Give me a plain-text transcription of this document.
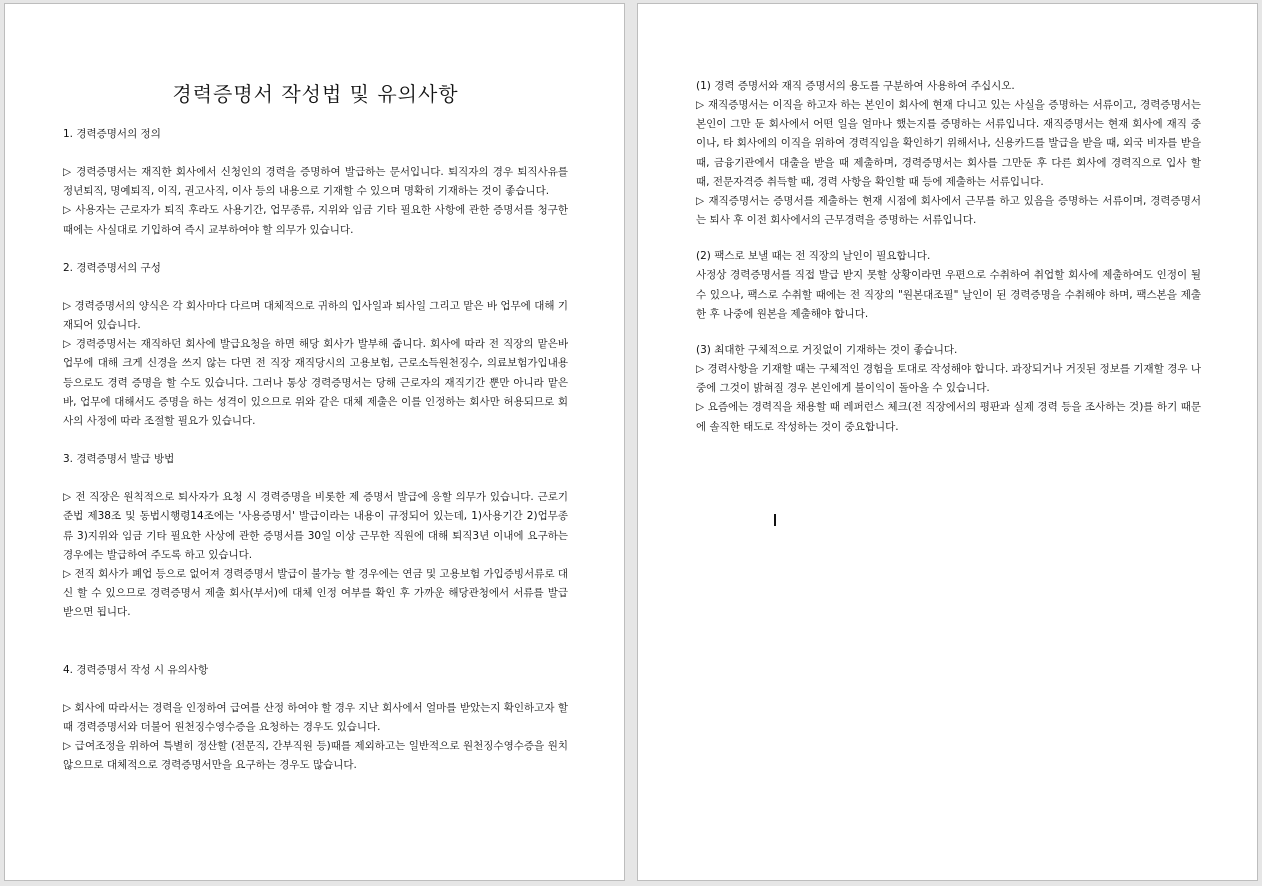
경력증명서 작성법 및 유의사항

1. 경력증명서의 정의

▷ 경력증명서는 재직한 회사에서 신청인의 경력을 증명하여 발급하는 문서입니다. 퇴직자의 경우 퇴직사유를 정년퇴직, 명예퇴직, 이직, 권고사직, 이사 등의 내용으로 기재할 수 있으며 명확히 기재하는 것이 좋습니다.

▷ 사용자는 근로자가 퇴직 후라도 사용기간, 업무종류, 지위와 임금 기타 필요한 사항에 관한 증명서를 청구한 때에는 사실대로 기입하여 즉시 교부하여야 할 의무가 있습니다.

2. 경력증명서의 구성

▷ 경력증명서의 양식은 각 회사마다 다르며 대체적으로 귀하의 입사일과 퇴사일 그리고 맡은 바 업무에 대해 기재되어 있습니다.

▷ 경력증명서는 재직하던 회사에 발급요청을 하면 해당 회사가 발부해 줍니다. 회사에 따라 전 직장의 맡은바 업무에 대해 크게 신경을 쓰지 않는 다면 전 직장 재직당시의 고용보험, 근로소득원천징수, 의료보험가입내용 등으로도 경력 증명을 할 수도 있습니다. 그러나 통상 경력증명서는 당해 근로자의 재직기간 뿐만 아니라 맡은 바, 업무에 대해서도 증명을 하는 성격이 있으므로 위와 같은 대체 제출은 이를 인정하는 회사만 허용되므로 회사의 사정에 따라 조절할 필요가 있습니다.

3. 경력증명서 발급 방법

▷ 전 직장은 원칙적으로 퇴사자가 요청 시 경력증명을 비롯한 제 증명서 발급에 응할 의무가 있습니다. 근로기준법 제38조 및 동법시행령14조에는 '사용증명서' 발급이라는 내용이 규정되어 있는데, 1)사용기간 2)업무종류 3)지위와 임금 기타 필요한 사상에 관한 증명서를 30일 이상 근무한 직원에 대해 퇴직3년 이내에 요구하는 경우에는 발급하여 주도록 하고 있습니다.

▷ 전직 회사가 폐업 등으로 없어져 경력증명서 발급이 불가능 할 경우에는 연금 및 고용보험 가입증빙서류로 대신 할 수 있으므로 경력증명서 제출 회사(부서)에 대체 인정 여부를 확인 후 가까운 해당관청에서 서류를 발급 받으면 됩니다.

4. 경력증명서 작성 시 유의사항

▷ 회사에 따라서는 경력을 인정하여 급여를 산정 하여야 할 경우 지난 회사에서 얼마를 받았는지 확인하고자 할 때 경력증명서와 더불어 원천징수영수증을 요청하는 경우도 있습니다.

▷ 급여조정을 위하여 특별히 정산할 (전문직, 간부직원 등)때를 제외하고는 일반적으로 원천징수영수증을 원치 않으므로 대체적으로 경력증명서만을 요구하는 경우도 많습니다.

(1) 경력 증명서와 재직 증명서의 용도를 구분하여 사용하여 주십시오.

▷ 재직증명서는 이직을 하고자 하는 본인이 회사에 현재 다니고 있는 사실을 증명하는 서류이고, 경력증명서는 본인이 그만 둔 회사에서 어떤 일을 얼마나 했는지를 증명하는 서류입니다. 재직증명서는 현재 회사에 재직 중이나, 타 회사에의 이직을 위하여 경력직임을 확인하기 위해서나, 신용카드를 발급을 받을 때, 외국 비자를 받을 때, 금융기관에서 대출을 받을 때 제출하며, 경력증명서는 회사를 그만둔 후 다른 회사에 경력직으로 입사 할 때, 전문자격증 취득할 때, 경력 사항을 확인할 때 등에 제출하는 서류입니다.

▷ 재직증명서는 증명서를 제출하는 현재 시점에 회사에서 근무를 하고 있음을 증명하는 서류이며, 경력증명서는 퇴사 후 이전 회사에서의 근무경력을 증명하는 서류입니다.

(2) 팩스로 보낼 때는 전 직장의 날인이 필요합니다.

사정상 경력증명서를 직접 발급 받지 못할 상황이라면 우편으로 수취하여 취업할 회사에 제출하여도 인정이 될 수 있으나, 팩스로 수취할 때에는 전 직장의 "원본대조필" 날인이 된 경력증명을 수취해야 하며, 팩스본을 제출한 후 나중에 원본을 제출해야 합니다.

(3) 최대한 구체적으로 거짓없이 기재하는 것이 좋습니다.

▷ 경력사항을 기재할 때는 구체적인 경험을 토대로 작성해야 합니다. 과장되거나 거짓된 정보를 기재할 경우 나중에 그것이 밝혀질 경우 본인에게 불이익이 돌아올 수 있습니다.

▷ 요즘에는 경력직을 채용할 때 레퍼런스 체크(전 직장에서의 평판과 실제 경력 등을 조사하는 것)를 하기 때문에 솔직한 태도로 작성하는 것이 중요합니다.
